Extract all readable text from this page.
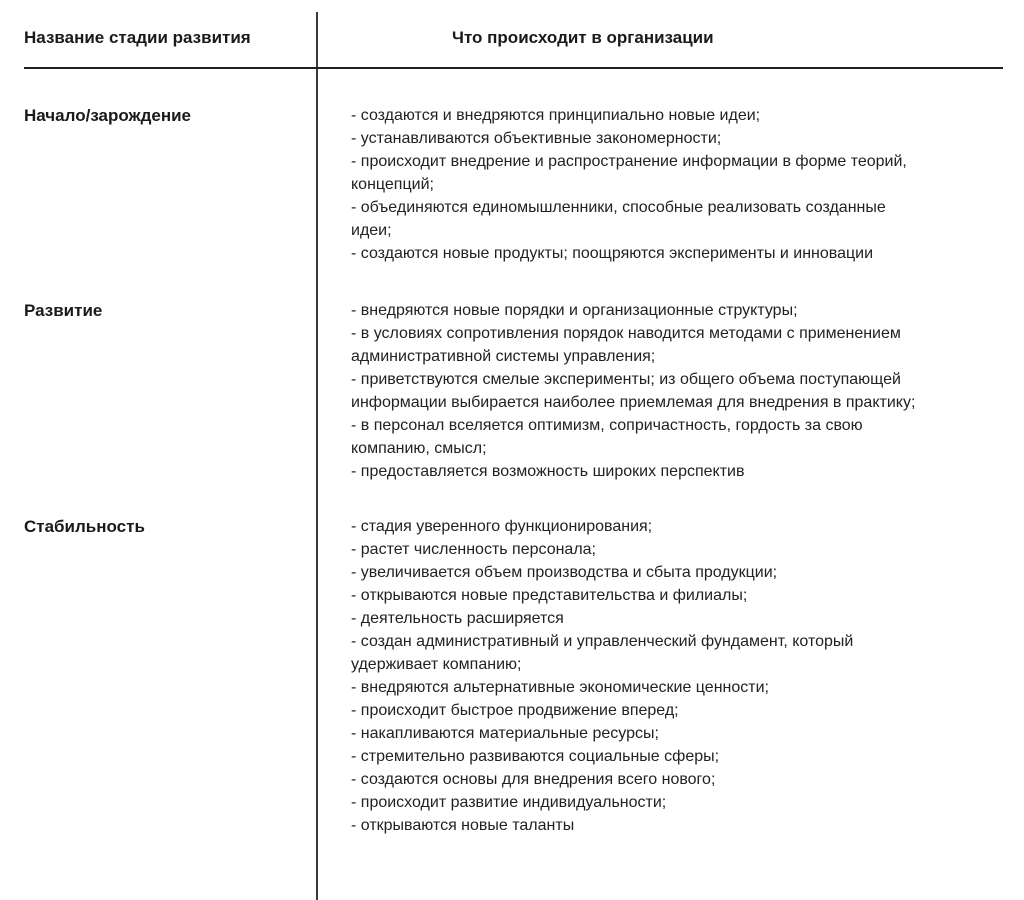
Название стадии развития	Что происходит в организации
Начало/зарождение	- создаются и внедряются принципиально новые идеи;
- устанавливаются объективные закономерности;
- происходит внедрение и распространение информации в форме теорий,
концепций;
- объединяются единомышленники, способные реализовать созданные
идеи;
- создаются новые продукты; поощряются эксперименты и инновации
Развитие	- внедряются новые порядки и организационные структуры;
- в условиях сопротивления порядок наводится методами с применением
административной системы управления;
- приветствуются смелые эксперименты; из общего объема поступающей
информации выбирается наиболее приемлемая для внедрения в практику;
- в персонал вселяется оптимизм, сопричастность, гордость за свою
компанию, смысл;
- предоставляется возможность широких перспектив
Стабильность	- стадия уверенного функционирования;
- растет численность персонала;
- увеличивается объем производства и сбыта продукции;
- открываются новые представительства и филиалы;
- деятельность расширяется
- создан административный и управленческий фундамент, который
удерживает компанию;
- внедряются альтернативные экономические ценности;
- происходит быстрое продвижение вперед;
- накапливаются материальные ресурсы;
- стремительно развиваются социальные сферы;
- создаются основы для внедрения всего нового;
- происходит развитие индивидуальности;
- открываются новые таланты
